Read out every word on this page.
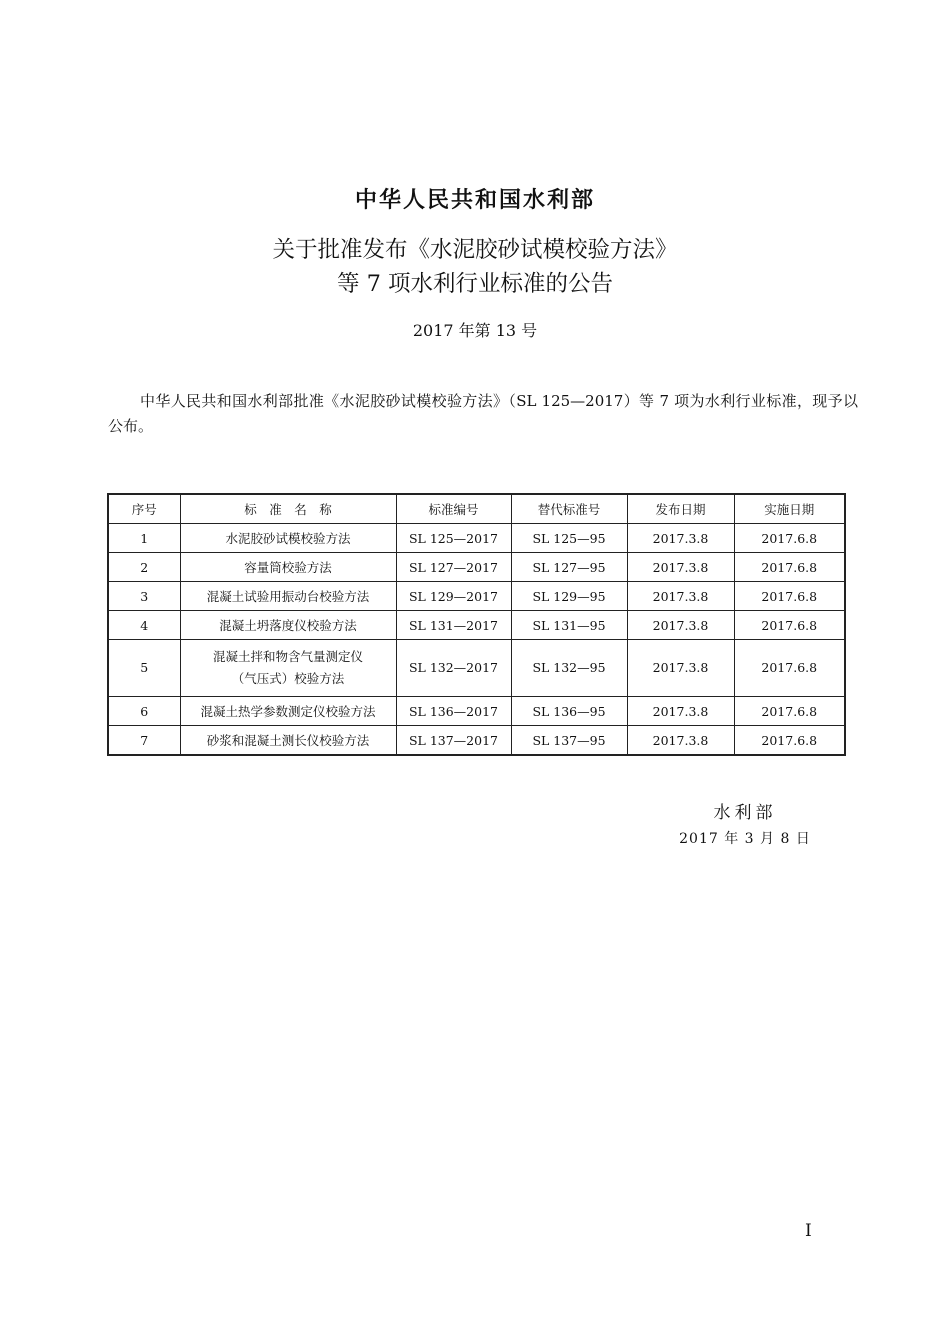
中华人民共和国水利部
关于批准发布《水泥胶砂试模校验方法》
等 7 项水利行业标准的公告
2017 年第 13 号
中华人民共和国水利部批准《水泥胶砂试模校验方法》（SL 125—2017）等 7 项为水利行业标准，现予以公布。
序号	标　准　名　称	标准编号	替代标准号	发布日期	实施日期
1	水泥胶砂试模校验方法	SL 125—2017	SL 125—95	2017.3.8	2017.6.8
2	容量筒校验方法	SL 127—2017	SL 127—95	2017.3.8	2017.6.8
3	混凝土试验用振动台校验方法	SL 129—2017	SL 129—95	2017.3.8	2017.6.8
4	混凝土坍落度仪校验方法	SL 131—2017	SL 131—95	2017.3.8	2017.6.8
5	混凝土拌和物含气量测定仪
（气压式）校验方法	SL 132—2017	SL 132—95	2017.3.8	2017.6.8
6	混凝土热学参数测定仪校验方法	SL 136—2017	SL 136—95	2017.3.8	2017.6.8
7	砂浆和混凝土测长仪校验方法	SL 137—2017	SL 137—95	2017.3.8	2017.6.8
水利部
2017 年 3 月 8 日
I
